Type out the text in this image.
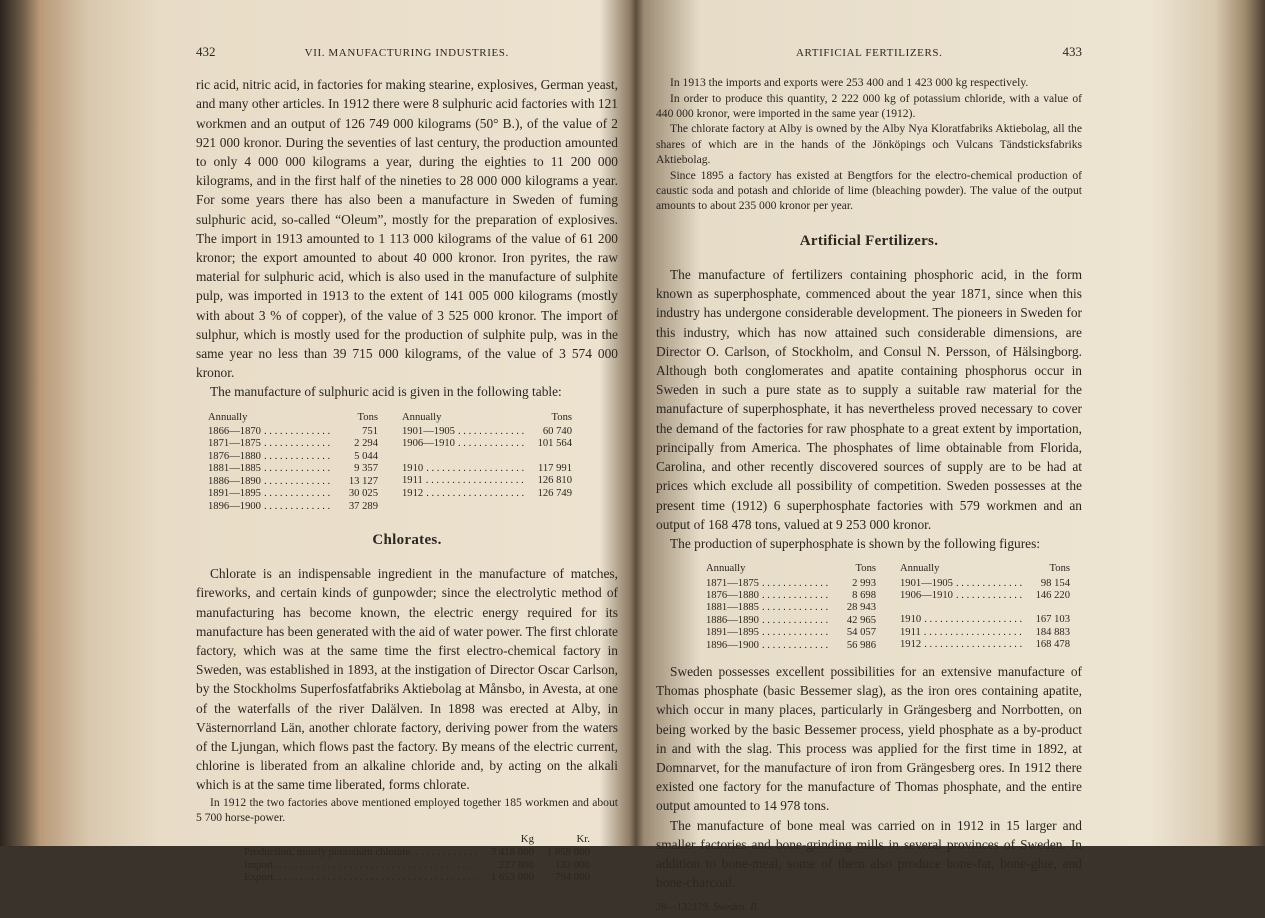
432	VII. MANUFACTURING INDUSTRIES.

ric acid, nitric acid, in factories for making stearine, explosives, German yeast, and many other articles. In 1912 there were 8 sulphuric acid factories with 121 workmen and an output of 126 749 000 kilograms (50° B.), of the value of 2 921 000 kronor. During the seventies of last century, the production amounted to only 4 000 000 kilograms a year, during the eighties to 11 200 000 kilograms, and in the first half of the nineties to 28 000 000 kilograms a year. For some years there has also been a manufacture in Sweden of fuming sulphuric acid, so-called “Oleum”, mostly for the preparation of explosives. The import in 1913 amounted to 1 113 000 kilograms of the value of 61 200 kronor; the export amounted to about 40 000 kronor. Iron pyrites, the raw material for sulphuric acid, which is also used in the manufacture of sulphite pulp, was imported in 1913 to the extent of 141 005 000 kilograms (mostly with about 3 % of copper), of the value of 3 525 000 kronor. The import of sulphur, which is mostly used for the production of sulphite pulp, was in the same year no less than 39 715 000 kilograms, of the value of 3 574 000 kronor.

The manufacture of sulphuric acid is given in the following table:

Annually	Tons
1866—1870 . . .	751
1871—1875 . . .	2 294
1876—1880 . . .	5 044
1881—1885 . . .	9 357
1886—1890 . . .	13 127
1891—1895 . . .	30 025
1896—1900 . . .	37 289
Annually	Tons
1901—1905 . . .	60 740
1906—1910 . . .	101 564
1910 . . .	117 991
1911 . . .	126 810
1912 . . .	126 749
Chlorates.

Chlorate is an indispensable ingredient in the manufacture of matches, fireworks, and certain kinds of gunpowder; since the electrolytic method of manufacturing has become known, the electric energy required for its manufacture has been generated with the aid of water power. The first chlorate factory, which was at the same time the first electro-chemical factory in Sweden, was established in 1893, at the instigation of Director Oscar Carlson, by the Stockholms Superfosfatfabriks Aktiebolag at Månsbo, in Avesta, at one of the waterfalls of the river Dalälven. In 1898 was erected at Alby, in Västernorrland Län, another chlorate factory, deriving power from the waters of the Ljungan, which flows past the factory. By means of the electric current, chlorine is liberated from an alkaline chloride and, by acting on the alkali which is at the same time liberated, forms chlorate.

In 1912 the two factories above mentioned employed together 185 workmen and about 5 700 horse-power.

Kg	Kr.
Production, mostly potassium chlorate . . .	3 418 000	1 859 000
Import . . .	227 800	132 000
Export . . .	1 653 000	794 000
ARTIFICIAL FERTILIZERS.	433

In 1913 the imports and exports were 253 400 and 1 423 000 kg respectively.

In order to produce this quantity, 2 222 000 kg of potassium chloride, with a value of 440 000 kronor, were imported in the same year (1912).

The chlorate factory at Alby is owned by the Alby Nya Kloratfabriks Aktiebolag, all the shares of which are in the hands of the Jönköpings och Vulcans Tändsticksfabriks Aktiebolag.

Since 1895 a factory has existed at Bengtfors for the electro-chemical production of caustic soda and potash and chloride of lime (bleaching powder). The value of the output amounts to about 235 000 kronor per year.

Artificial Fertilizers.

The manufacture of fertilizers containing phosphoric acid, in the form known as superphosphate, commenced about the year 1871, since when this industry has undergone considerable development. The pioneers in Sweden for this industry, which has now attained such considerable dimensions, are Director O. Carlson, of Stockholm, and Consul N. Persson, of Hälsingborg. Although both conglomerates and apatite containing phosphorus occur in Sweden in such a pure state as to supply a suitable raw material for the manufacture of superphosphate, it has nevertheless proved necessary to cover the demand of the factories for raw phosphate to a great extent by importation, principally from America. The phosphates of lime obtainable from Florida, Carolina, and other recently discovered sources of supply are to be had at prices which exclude all possibility of competition. Sweden possesses at the present time (1912) 6 superphosphate factories with 579 workmen and an output of 168 478 tons, valued at 9 253 000 kronor.

The production of superphosphate is shown by the following figures:

Annually	Tons
1871—1875 . . .	2 993
1876—1880 . . .	8 698
1881—1885 . . .	28 943
1886—1890 . . .	42 965
1891—1895 . . .	54 057
1896—1900 . . .	56 986
Annually	Tons
1901—1905 . . .	98 154
1906—1910 . . .	146 220
1910 . . .	167 103
1911 . . .	184 883
1912 . . .	168 478

Sweden possesses excellent possibilities for an extensive manufacture of Thomas phosphate (basic Bessemer slag), as the iron ores containing apatite, which occur in many places, particularly in Grängesberg and Norrbotten, on being worked by the basic Bessemer process, yield phosphate as a by-product in and with the slag. This process was applied for the first time in 1892, at Domnarvet, for the manufacture of iron from Grängesberg ores. In 1912 there existed one factory for the manufacture of Thomas phosphate, and the entire output amounted to 14 978 tons.

The manufacture of bone meal was carried on in 1912 in 15 larger and smaller factories and bone-grinding mills in several provinces of Sweden. In addition to bone-meal, some of them also produce bone-fat, bone-glue, and bone-charcoal.

28—132179. Sweden. II.
